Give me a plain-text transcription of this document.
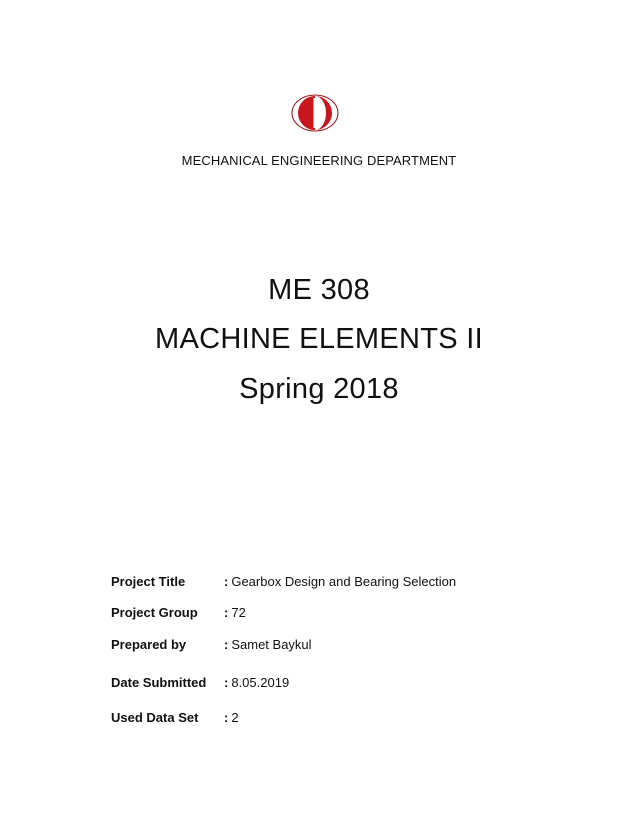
MECHANICAL ENGINEERING DEPARTMENT
ME 308
MACHINE ELEMENTS II
Spring 2018
Project Title	: Gearbox Design and Bearing Selection
Project Group : 72
Prepared by	: Samet Baykul
Date Submitted : 8.05.2019
Used Data Set : 2
